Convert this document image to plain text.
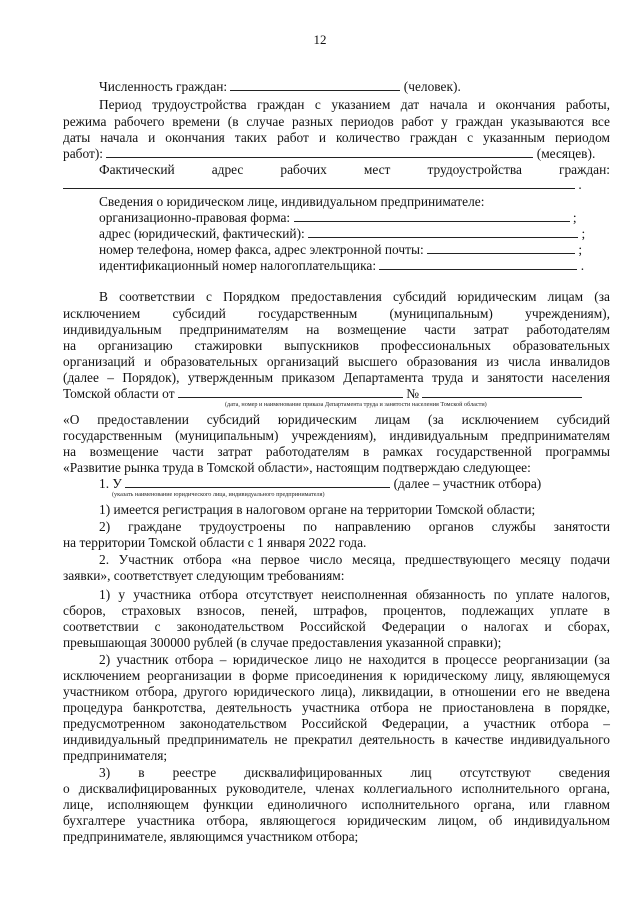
12
Численность граждан:	(человек).
Период трудоустройства граждан с указанием дат начала и окончания работы,
режима рабочего времени (в случае разных периодов работ у граждан указываются все
даты начала и окончания таких работ и количество граждан с указанным периодом
работ):	(месяцев).
Фактический адрес рабочих мест трудоустройства граждан:
.
Сведения о юридическом лице, индивидуальном предпринимателе:
организационно-правовая форма:	;
адрес (юридический, фактический):	;
номер телефона, номер факса, адрес электронной почты:	;
идентификационный номер налогоплательщика:	.
В соответствии с Порядком предоставления субсидий юридическим лицам (за
исключением субсидий государственным (муниципальным) учреждениям),
индивидуальным предпринимателям на возмещение части затрат работодателям
на организацию стажировки выпускников профессиональных образовательных
организаций и образовательных организаций высшего образования из числа инвалидов
(далее – Порядок), утвержденным приказом Департамента труда и занятости населения
Томской области от	№
(дата, номер и наименование приказа Департамента труда и занятости населения Томской области)
«О предоставлении субсидий юридическим лицам (за исключением субсидий
государственным (муниципальным) учреждениям), индивидуальным предпринимателям
на возмещение части затрат работодателям в рамках государственной программы
«Развитие рынка труда в Томской области», настоящим подтверждаю следующее:
1. У	(далее – участник отбора)
(указать наименование юридического лица, индивидуального предпринимателя)
1) имеется регистрация в налоговом органе на территории Томской области;
2) граждане трудоустроены по направлению органов службы занятости
на территории Томской области с 1 января 2022 года.
2. Участник отбора «на первое число месяца, предшествующего месяцу подачи
заявки», соответствует следующим требованиям:
1) у участника отбора отсутствует неисполненная обязанность по уплате налогов,
сборов, страховых взносов, пеней, штрафов, процентов, подлежащих уплате в
соответствии с законодательством Российской Федерации о налогах и сборах,
превышающая 300000 рублей (в случае предоставления указанной справки);
2) участник отбора – юридическое лицо не находится в процессе реорганизации (за
исключением реорганизации в форме присоединения к юридическому лицу, являющемуся
участником отбора, другого юридического лица), ликвидации, в отношении его не введена
процедура банкротства, деятельность участника отбора не приостановлена в порядке,
предусмотренном законодательством Российской Федерации, а участник отбора –
индивидуальный предприниматель не прекратил деятельность в качестве индивидуального
предпринимателя;
3) в реестре дисквалифицированных лиц отсутствуют сведения
о дисквалифицированных руководителе, членах коллегиального исполнительного органа,
лице, исполняющем функции единоличного исполнительного органа, или главном
бухгалтере участника отбора, являющегося юридическим лицом, об индивидуальном
предпринимателе, являющимся участником отбора;
